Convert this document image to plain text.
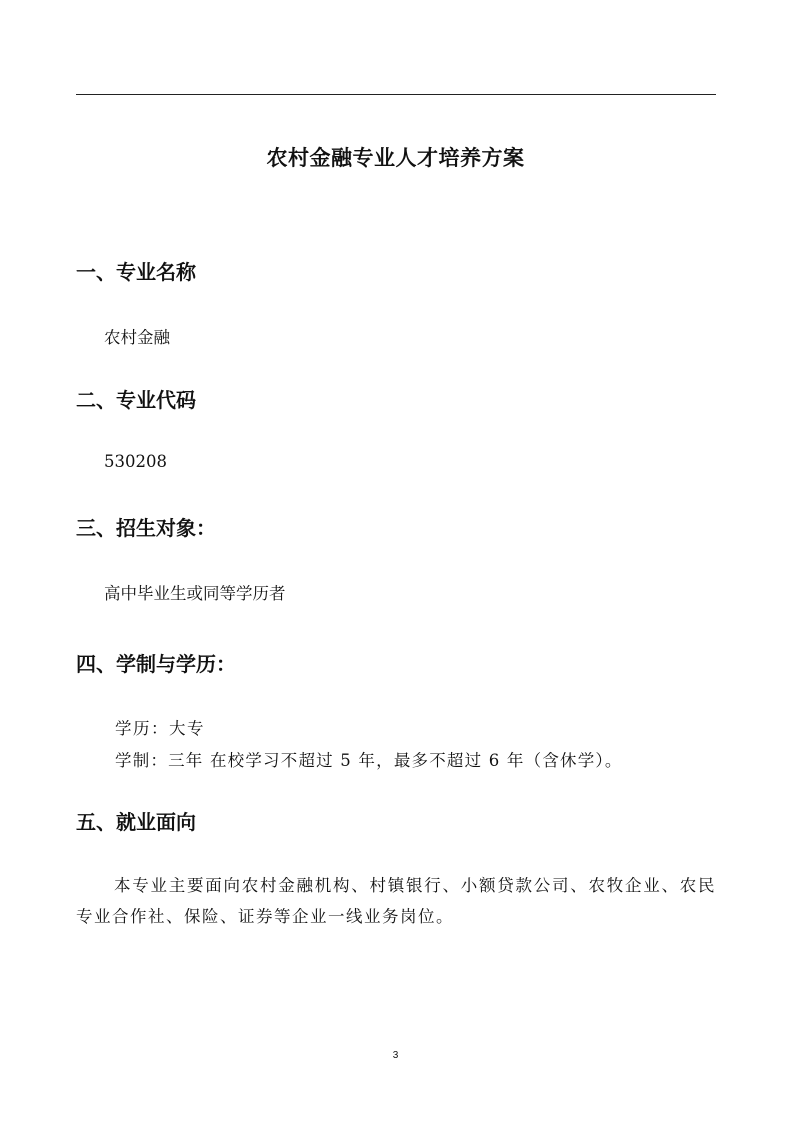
农村金融专业人才培养方案
一、专业名称
农村金融
二、专业代码
530208
三、招生对象：
高中毕业生或同等学历者
四、学制与学历：
学历：大专
学制：三年 在校学习不超过 5 年，最多不超过 6 年（含休学）。
五、就业面向
本专业主要面向农村金融机构、村镇银行、小额贷款公司、农牧企业、农民专业合作社、保险、证券等企业一线业务岗位。
3
